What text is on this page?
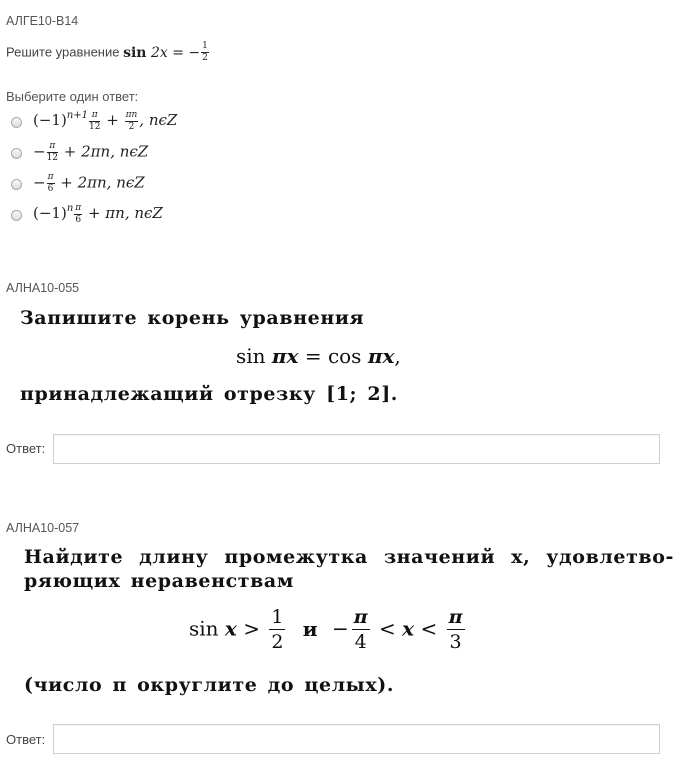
АЛГЕ10-В14
Решите уравнение sin 2x = − $\frac{1}{2}$
Выберите один ответ:
$(-1)^{n+1} \frac{\pi}{12} + \frac{\pi n}{2}$ , nϵZ
− $\frac{\pi}{12} + 2\pi n$, nϵZ
− $\frac{\pi}{6} + 2\pi n$, nϵZ
$(-1)^n \frac{\pi}{6} + \pi n$, nϵZ
АЛНА10-055
Запишите корень уравнения
sin πx = cos πx,
принадлежащий отрезку [1; 2].
Ответ:
АЛНА10-057
Найдите длину промежутка значений x, удовлетво-
ряющих неравенствам
$\sin x > \frac{1}{2}$ $и - \frac{\pi}{4} < x < \frac{\pi}{3}$
(число π округлите до целых).
Ответ:
